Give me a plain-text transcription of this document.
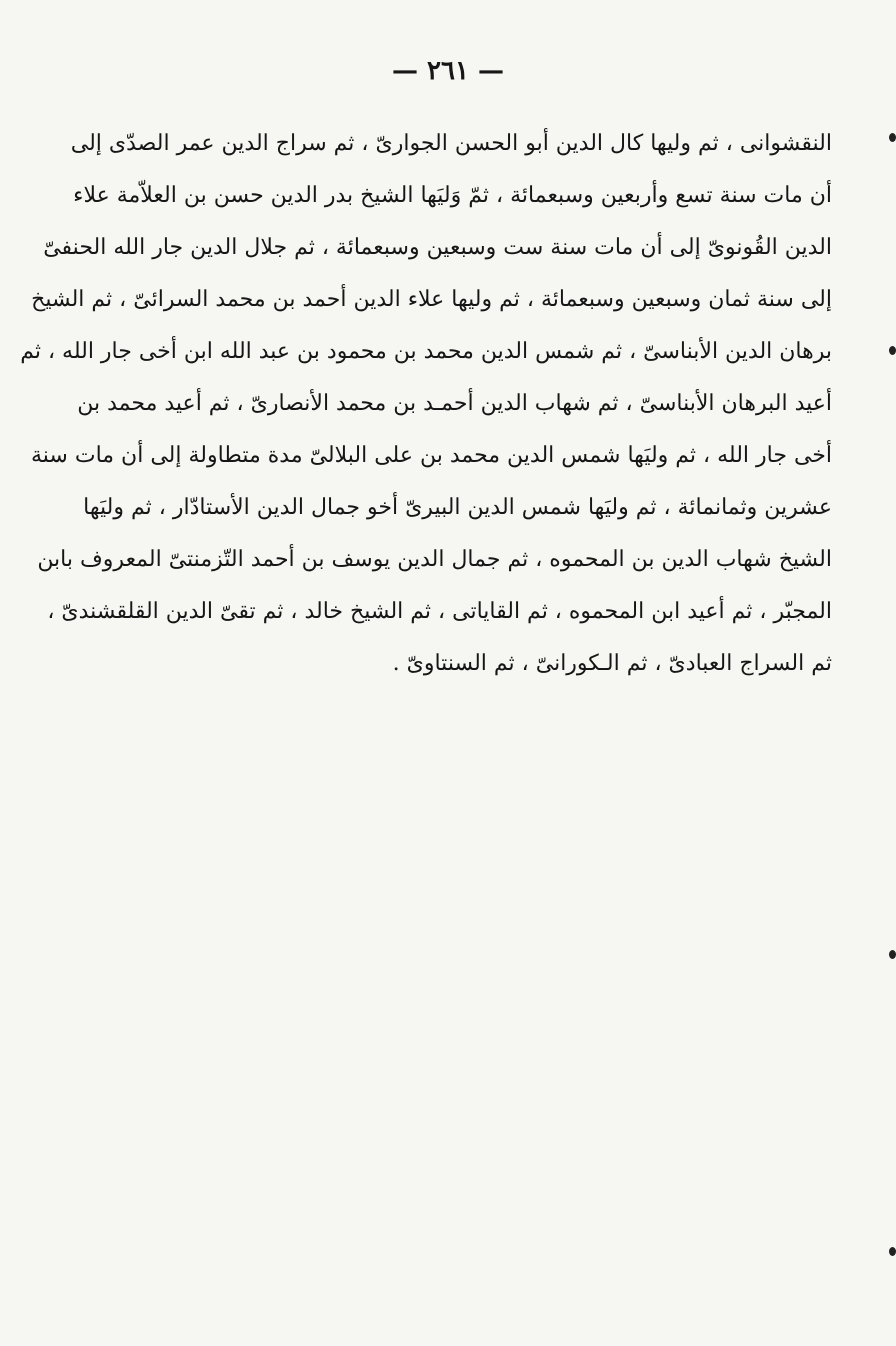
— ٢٦١ —
النقشوانى ، ثم وليها كال الدين أبو الحسن الجوارىّ ، ثم سراج الدين عمر الصدّى إلى
أن مات سنة تسع وأربعين وسبعمائة ، ثمّ وَليَها الشيخ بدر الدين حسن بن العلاّمة علاء
الدين القُونوىّ إلى أن مات سنة ست وسبعين وسبعمائة ، ثم جلال الدين جار الله الحنفىّ
إلى سنة ثمان وسبعين وسبعمائة ، ثم وليها علاء الدين أحمد بن محمد السرائىّ ، ثم الشيخ
برهان الدين الأبناسىّ ، ثم شمس الدين محمد بن محمود بن عبد الله ابن أخى جار الله ، ثم
أعيد البرهان الأبناسىّ ، ثم شهاب الدين أحمـد بن محمد الأنصارىّ ، ثم أعيد محمد بن
أخى جار الله ، ثم وليَها شمس الدين محمد بن على البلالىّ مدة متطاولة إلى أن مات سنة
عشرين وثمانمائة ، ثم وليَها شمس الدين البيرىّ أخو جمال الدين الأستادّار ، ثم وليَها
الشيخ شهاب الدين بن المحموه ، ثم جمال الدين يوسف بن أحمد التّزمنتىّ المعروف بابن
المجبّر ، ثم أعيد ابن المحموه ، ثم القاياتى ، ثم الشيخ خالد ، ثم تقىّ الدين القلقشندىّ ،
ثم السراج العبادىّ ، ثم الـكورانىّ ، ثم السنتاوىّ .
